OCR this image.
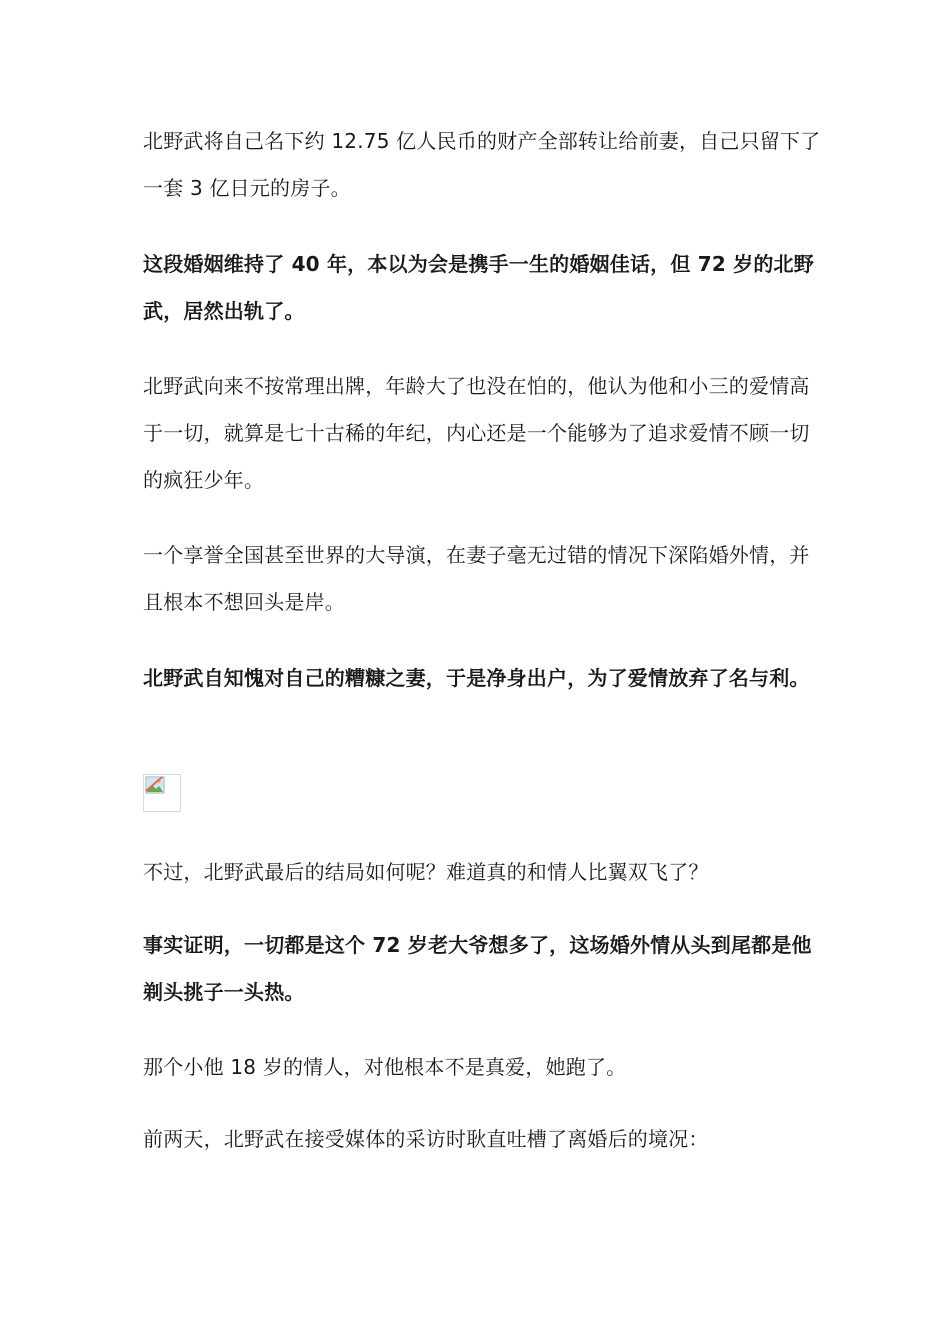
北野武将自己名下约 12.75 亿人民币的财产全部转让给前妻，自己只留下了一套 3 亿日元的房子。

这段婚姻维持了 40 年，本以为会是携手一生的婚姻佳话，但 72 岁的北野武，居然出轨了。

北野武向来不按常理出牌，年龄大了也没在怕的，他认为他和小三的爱情高于一切，就算是七十古稀的年纪，内心还是一个能够为了追求爱情不顾一切的疯狂少年。

一个享誉全国甚至世界的大导演，在妻子毫无过错的情况下深陷婚外情，并且根本不想回头是岸。

北野武自知愧对自己的糟糠之妻，于是净身出户，为了爱情放弃了名与利。

不过，北野武最后的结局如何呢？难道真的和情人比翼双飞了？

事实证明，一切都是这个 72 岁老大爷想多了，这场婚外情从头到尾都是他剃头挑子一头热。

那个小他 18 岁的情人，对他根本不是真爱，她跑了。

前两天，北野武在接受媒体的采访时耿直吐槽了离婚后的境况：
